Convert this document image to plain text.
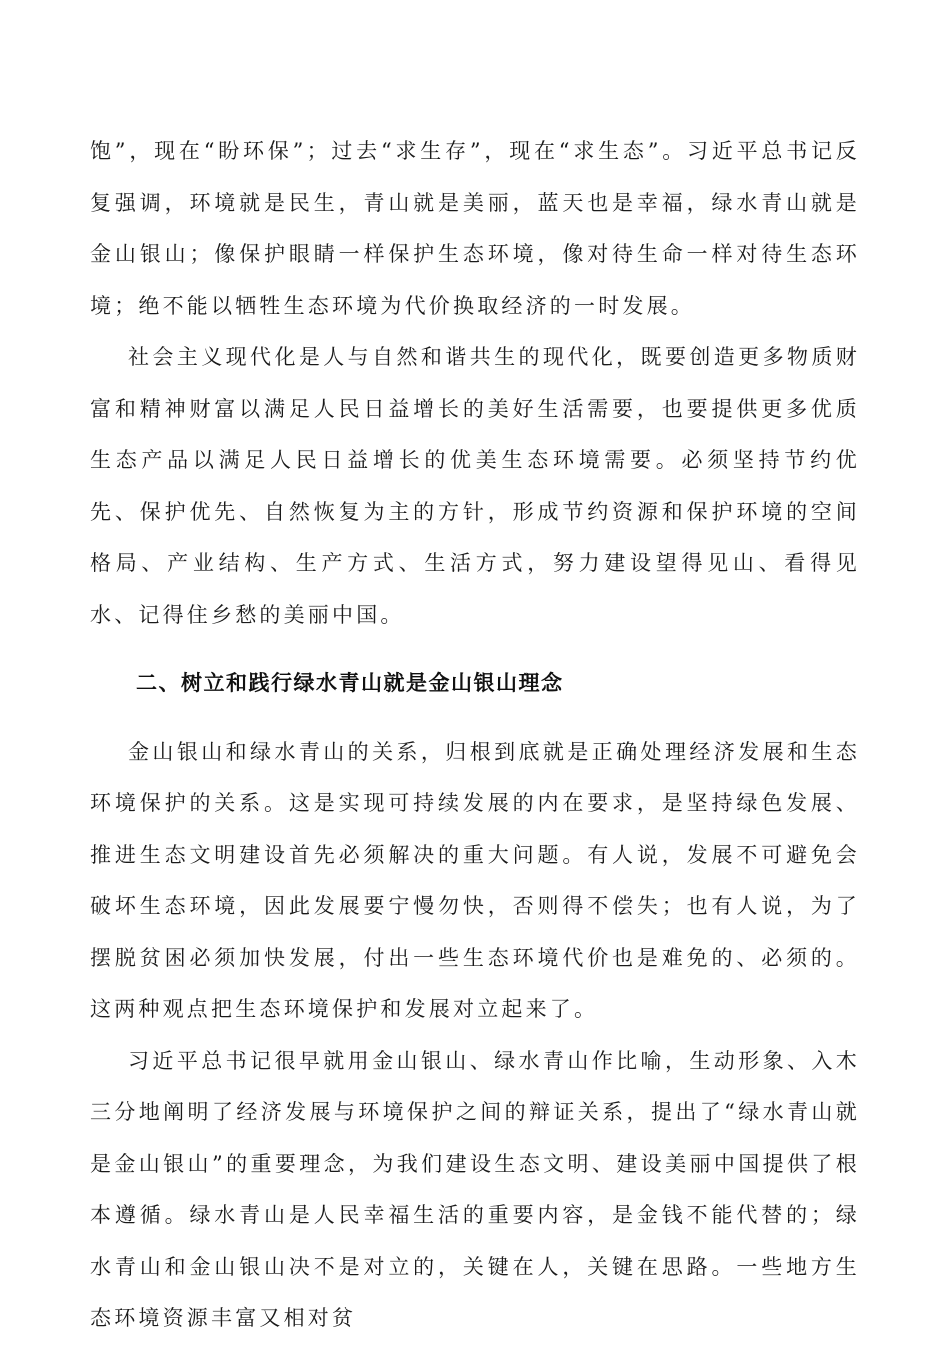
饱”，现在“盼环保”；过去“求生存”，现在“求生态”。习近平总书记反复强调，环境就是民生，青山就是美丽，蓝天也是幸福，绿水青山就是金山银山；像保护眼睛一样保护生态环境，像对待生命一样对待生态环境；绝不能以牺牲生态环境为代价换取经济的一时发展。

社会主义现代化是人与自然和谐共生的现代化，既要创造更多物质财富和精神财富以满足人民日益增长的美好生活需要，也要提供更多优质生态产品以满足人民日益增长的优美生态环境需要。必须坚持节约优先、保护优先、自然恢复为主的方针，形成节约资源和保护环境的空间格局、产业结构、生产方式、生活方式，努力建设望得见山、看得见水、记得住乡愁的美丽中国。

二、树立和践行绿水青山就是金山银山理念

金山银山和绿水青山的关系，归根到底就是正确处理经济发展和生态环境保护的关系。这是实现可持续发展的内在要求，是坚持绿色发展、推进生态文明建设首先必须解决的重大问题。有人说，发展不可避免会破坏生态环境，因此发展要宁慢勿快，否则得不偿失；也有人说，为了摆脱贫困必须加快发展，付出一些生态环境代价也是难免的、必须的。这两种观点把生态环境保护和发展对立起来了。

习近平总书记很早就用金山银山、绿水青山作比喻，生动形象、入木三分地阐明了经济发展与环境保护之间的辩证关系，提出了“绿水青山就是金山银山”的重要理念，为我们建设生态文明、建设美丽中国提供了根本遵循。绿水青山是人民幸福生活的重要内容，是金钱不能代替的；绿水青山和金山银山决不是对立的，关键在人，关键在思路。一些地方生态环境资源丰富又相对贫
